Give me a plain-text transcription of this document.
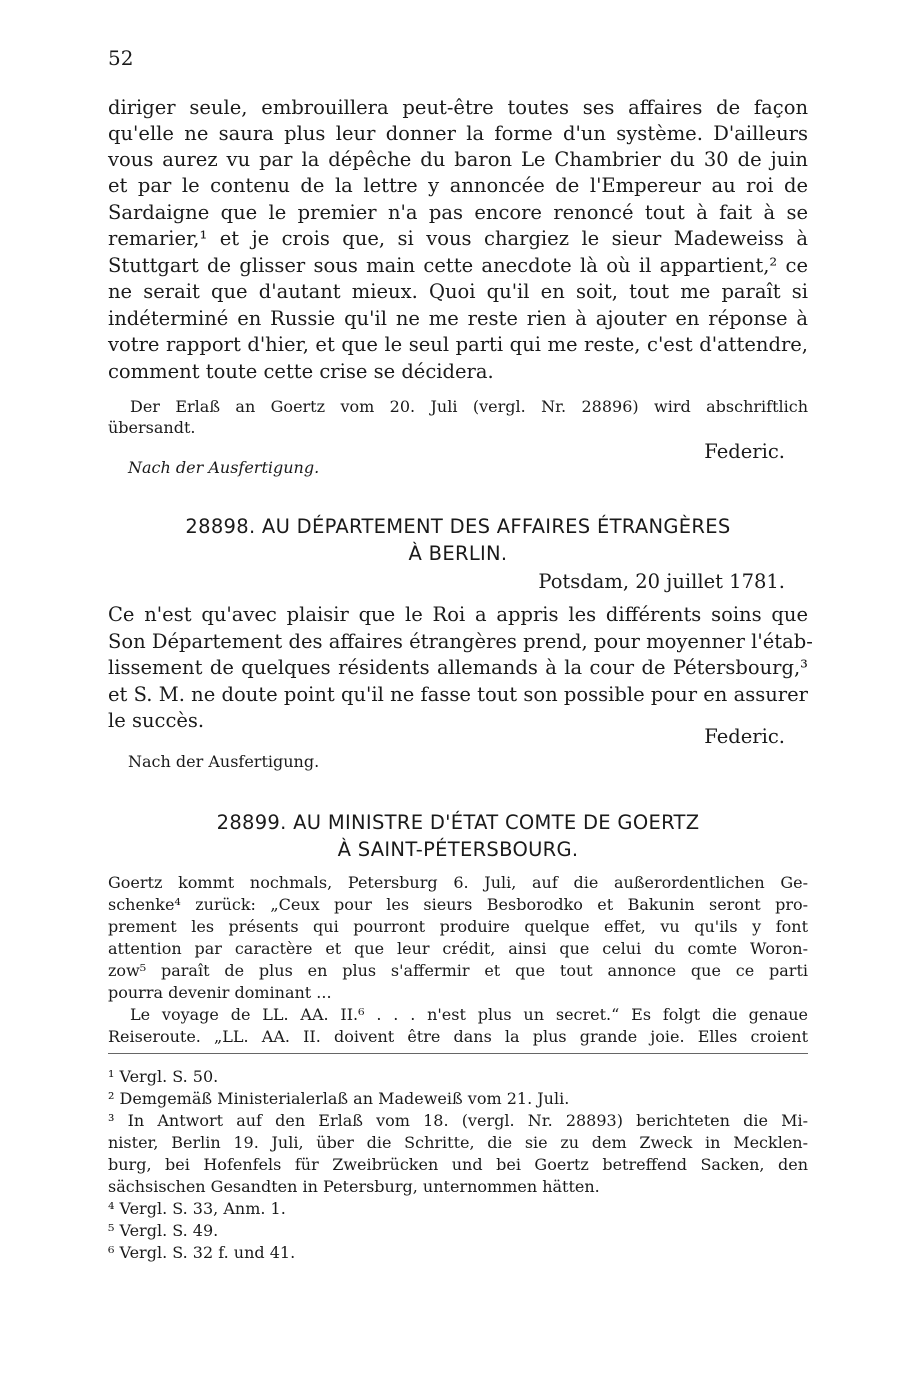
52
diriger seule, embrouillera peut-être toutes ses affaires de façon
qu'elle ne saura plus leur donner la forme d'un système. D'ailleurs
vous aurez vu par la dépêche du baron Le Chambrier du 30 de juin
et par le contenu de la lettre y annoncée de l'Empereur au roi de
Sardaigne que le premier n'a pas encore renoncé tout à fait à se
remarier,¹ et je crois que, si vous chargiez le sieur Madeweiss à
Stuttgart de glisser sous main cette anecdote là où il appartient,² ce
ne serait que d'autant mieux. Quoi qu'il en soit, tout me paraît si
indéterminé en Russie qu'il ne me reste rien à ajouter en réponse à
votre rapport d'hier, et que le seul parti qui me reste, c'est d'attendre,
comment toute cette crise se décidera.
Der Erlaß an Goertz vom 20. Juli (vergl. Nr. 28896) wird abschriftlich
übersandt.
Federic.
Nach der Ausfertigung.
28898. AU DÉPARTEMENT DES AFFAIRES ÉTRANGÈRES
À BERLIN.
Potsdam, 20 juillet 1781.
Ce n'est qu'avec plaisir que le Roi a appris les différents soins que
Son Département des affaires étrangères prend, pour moyenner l'étab-
lissement de quelques résidents allemands à la cour de Pétersbourg,³
et S. M. ne doute point qu'il ne fasse tout son possible pour en assurer
le succès.
Federic.
Nach der Ausfertigung.
28899. AU MINISTRE D'ÉTAT COMTE DE GOERTZ
À SAINT-PÉTERSBOURG.
Goertz kommt nochmals, Petersburg 6. Juli, auf die außerordentlichen Ge-
schenke⁴ zurück: „Ceux pour les sieurs Besborodko et Bakunin seront pro-
prement les présents qui pourront produire quelque effet, vu qu'ils y font
attention par caractère et que leur crédit, ainsi que celui du comte Woron-
zow⁵ paraît de plus en plus s'affermir et que tout annonce que ce parti
pourra devenir dominant ...
Le voyage de LL. AA. II.⁶ . . . n'est plus un secret.“ Es folgt die genaue
Reiseroute. „LL. AA. II. doivent être dans la plus grande joie. Elles croient
¹ Vergl. S. 50.
² Demgemäß Ministerialerlaß an Madeweiß vom 21. Juli.
³ In Antwort auf den Erlaß vom 18. (vergl. Nr. 28893) berichteten die Mi-
nister, Berlin 19. Juli, über die Schritte, die sie zu dem Zweck in Mecklen-
burg, bei Hofenfels für Zweibrücken und bei Goertz betreffend Sacken, den
sächsischen Gesandten in Petersburg, unternommen hätten.
⁴ Vergl. S. 33, Anm. 1.
⁵ Vergl. S. 49.
⁶ Vergl. S. 32 f. und 41.
